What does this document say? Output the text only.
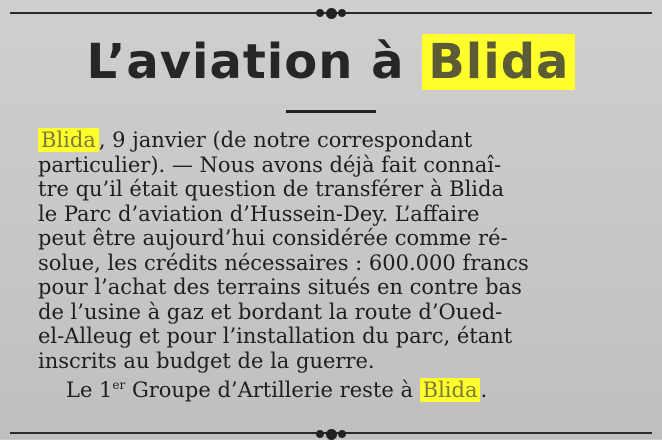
L’aviation à Blida
Blida , 9 janvier (de notre correspondant
particulier). — Nous avons déjà fait connaî-
tre qu’il était question de transférer à Blida
le Parc d’aviation d’Hussein-Dey. L’affaire
peut être aujourd’hui considérée comme ré-
solue, les crédits nécessaires : 600.000 francs
pour l’achat des terrains situés en contre bas
de l’usine à gaz et bordant la route d’Oued-
el-Alleug et pour l’installation du parc, étant
inscrits au budget de la guerre.
Le 1er Groupe d’Artillerie reste à Blida .
